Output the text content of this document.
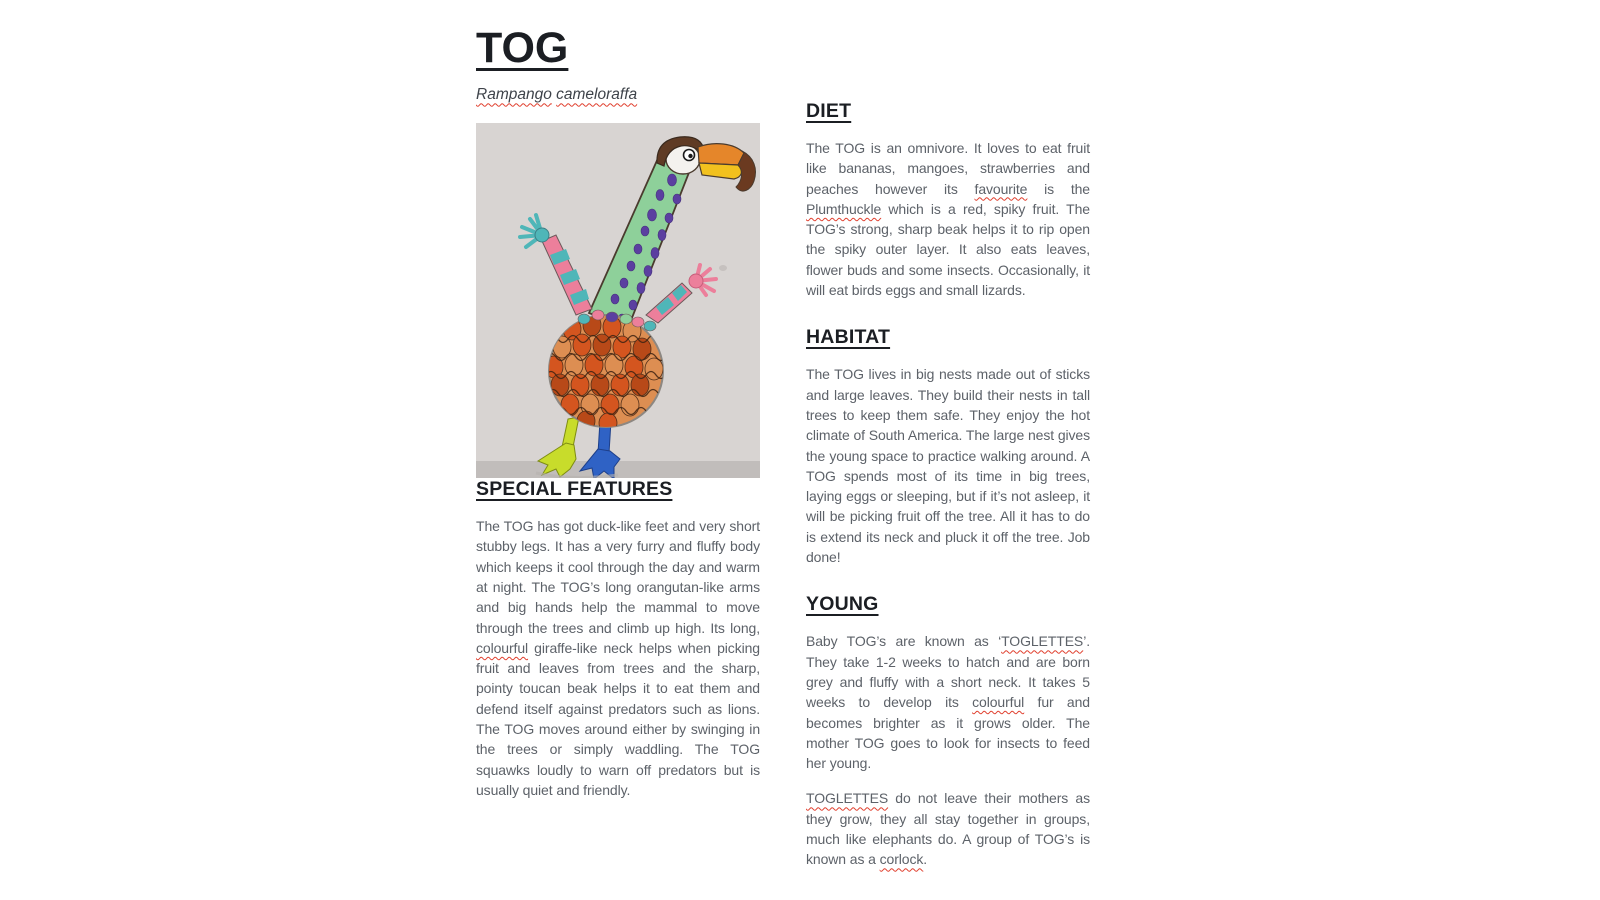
TOG

Rampango cameloraffa

SPECIAL FEATURES

The TOG has got duck-like feet and very short stubby legs. It has a very furry and fluffy body which keeps it cool through the day and warm at night. The TOG’s long orangutan-like arms and big hands help the mammal to move through the trees and climb up high. Its long, colourful giraffe-like neck helps when picking fruit and leaves from trees and the sharp, pointy toucan beak helps it to eat them and defend itself against predators such as lions. The TOG moves around either by swinging in the trees or simply waddling. The TOG squawks loudly to warn off predators but is usually quiet and friendly.

DIET

The TOG is an omnivore. It loves to eat fruit like bananas, mangoes, strawberries and peaches however its favourite is the Plumthuckle which is a red, spiky fruit. The TOG’s strong, sharp beak helps it to rip open the spiky outer layer. It also eats leaves, flower buds and some insects. Occasionally, it will eat birds eggs and small lizards.

HABITAT

The TOG lives in big nests made out of sticks and large leaves. They build their nests in tall trees to keep them safe. They enjoy the hot climate of South America. The large nest gives the young space to practice walking around. A TOG spends most of its time in big trees, laying eggs or sleeping, but if it’s not asleep, it will be picking fruit off the tree. All it has to do is extend its neck and pluck it off the tree. Job done!

YOUNG

Baby TOG’s are known as ‘TOGLETTES’. They take 1-2 weeks to hatch and are born grey and fluffy with a short neck. It takes 5 weeks to develop its colourful fur and becomes brighter as it grows older. The mother TOG goes to look for insects to feed her young.

TOGLETTES do not leave their mothers as they grow, they all stay together in groups, much like elephants do. A group of TOG’s is known as a corlock.
